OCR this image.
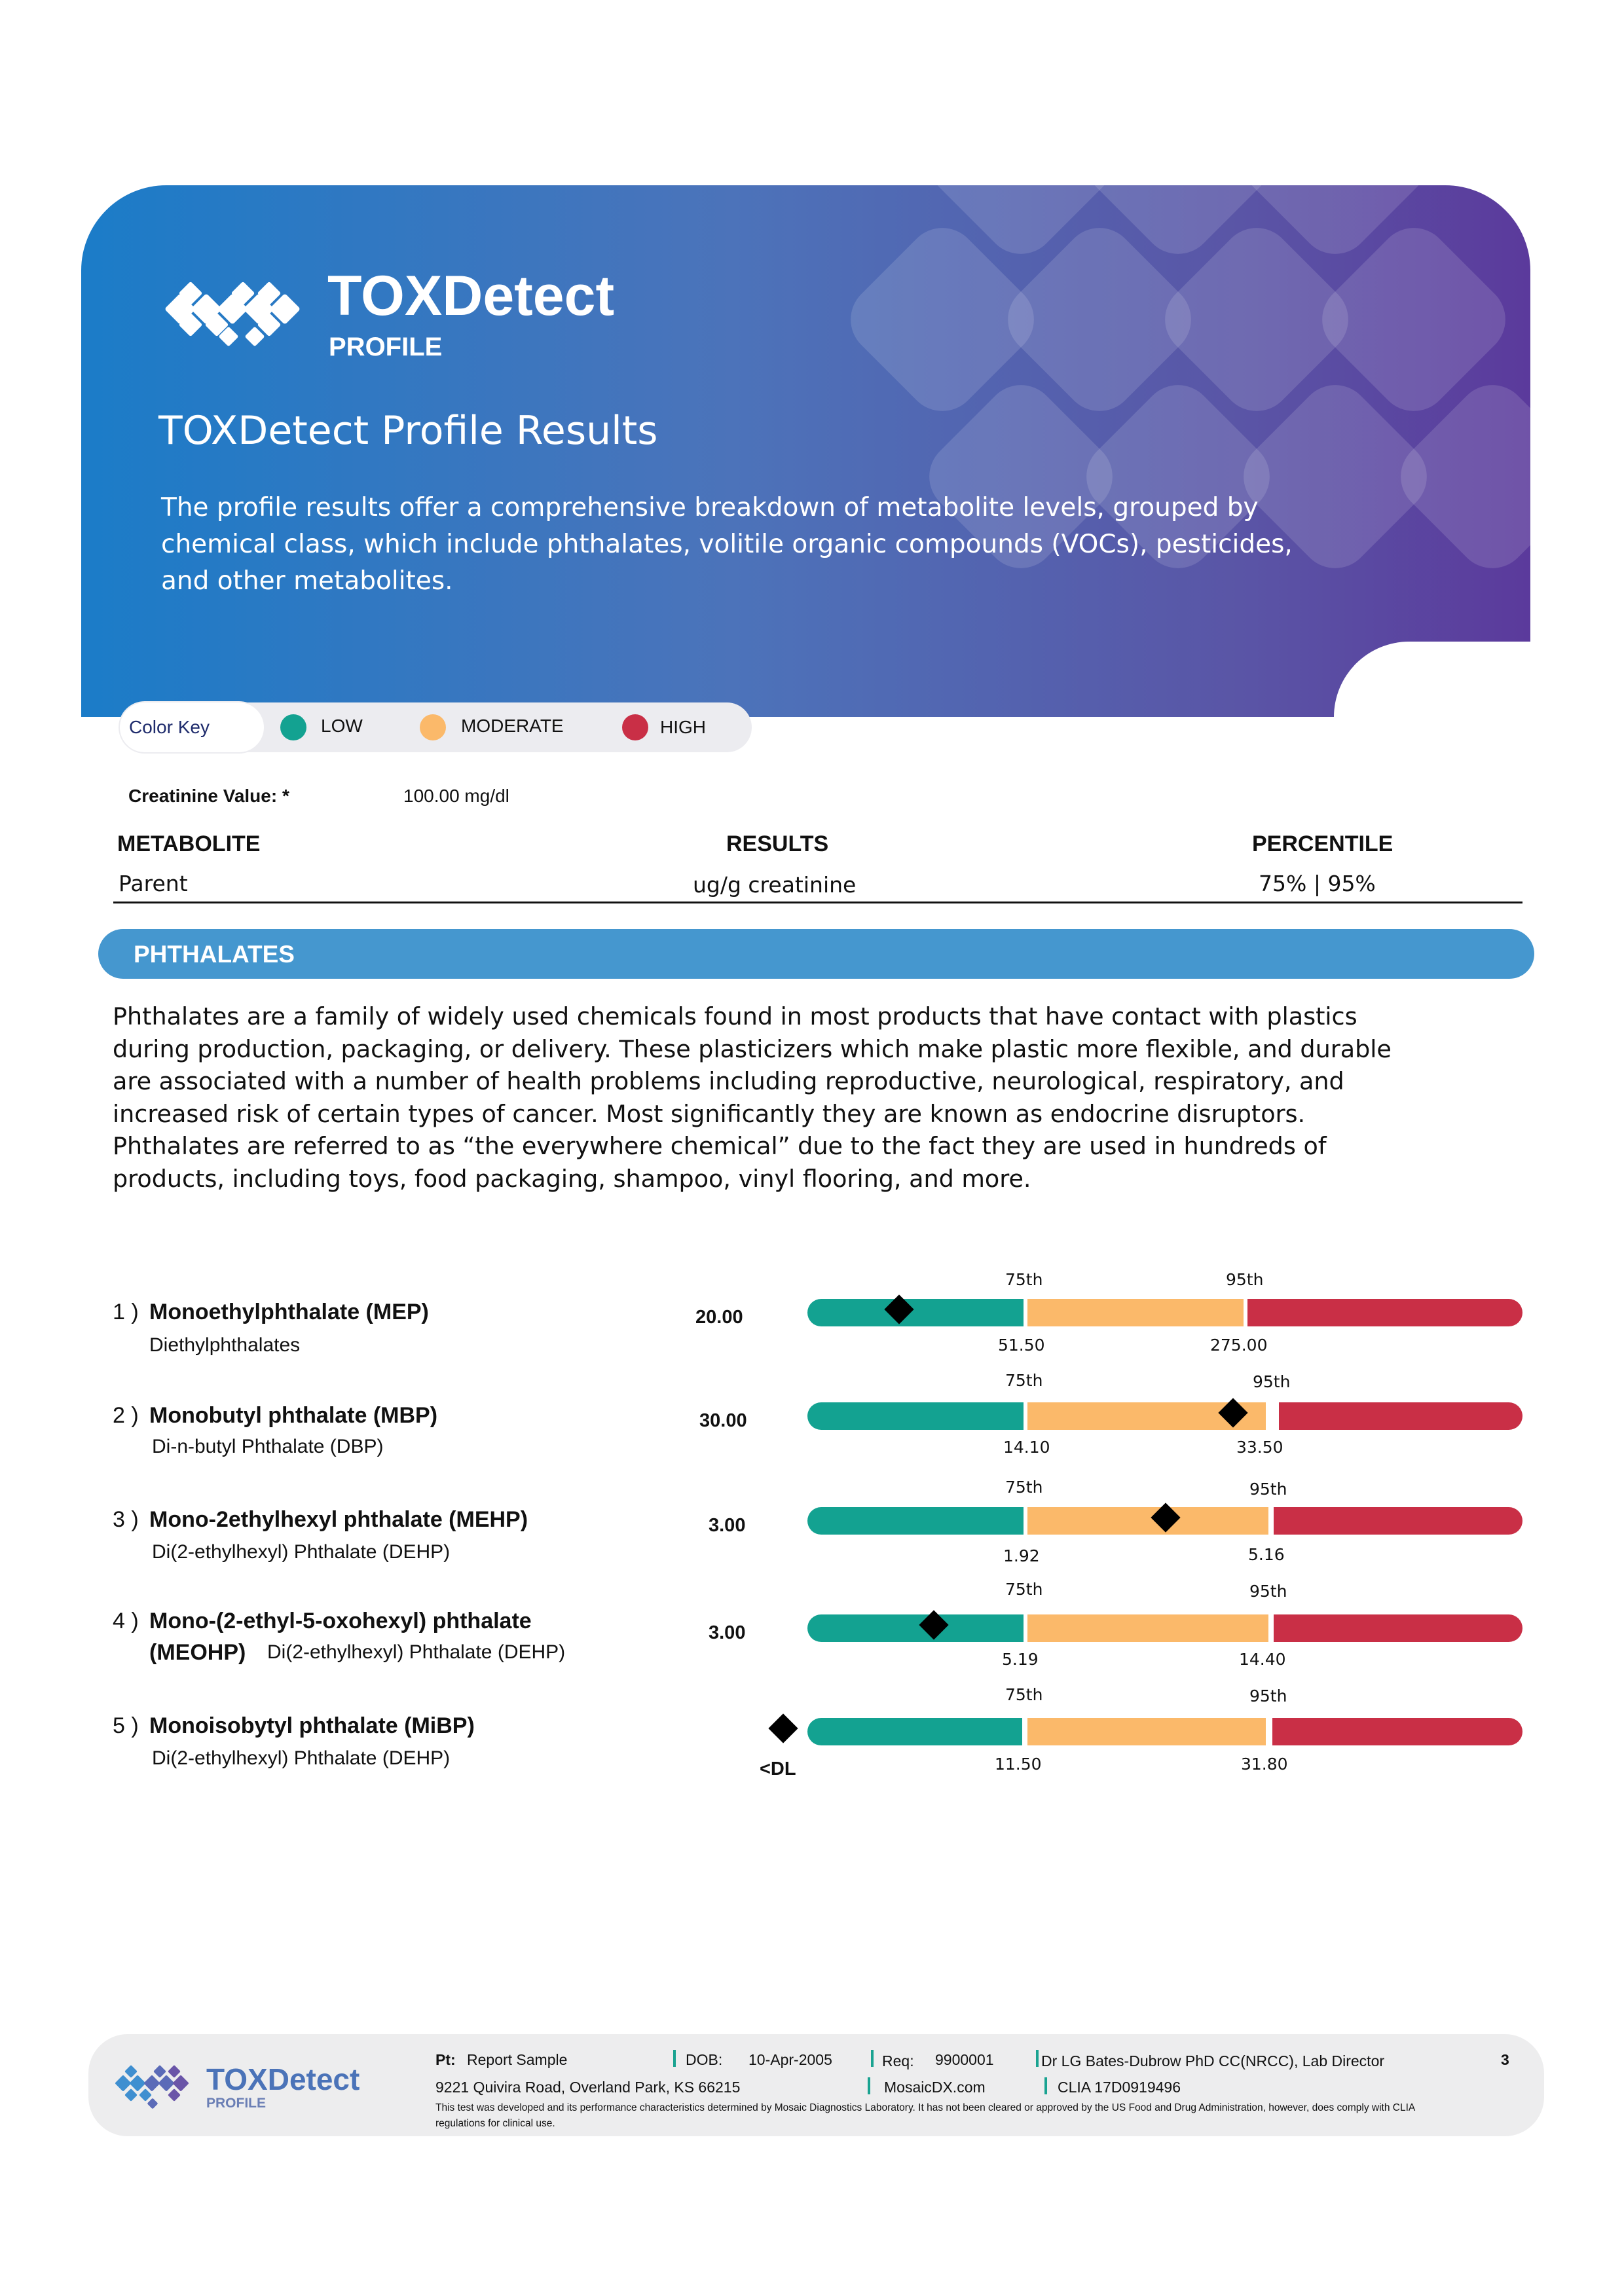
TOXDetect
PROFILE
TOXDetect Profile Results
The profile results offer a comprehensive breakdown of metabolite levels, grouped by
chemical class, which include phthalates, volitile organic compounds (VOCs), pesticides,
and other metabolites.
Color Key	LOW	MODERATE	HIGH
Creatinine Value: *	100.00 mg/dl
METABOLITE	RESULTS	PERCENTILE
Parent	ug/g creatinine	75% | 95%
PHTHALATES
Phthalates are a family of widely used chemicals found in most products that have contact with plastics
during production, packaging, or delivery. These plasticizers which make plastic more flexible, and durable
are associated with a number of health problems including reproductive, neurological, respiratory, and
increased risk of certain types of cancer. Most significantly they are known as endocrine disruptors.
Phthalates are referred to as “the everywhere chemical” due to the fact they are used in hundreds of
products, including toys, food packaging, shampoo, vinyl flooring, and more.
1 ) Monoethylphthalate (MEP)
Diethylphthalates
20.00
75th	95th
51.50	275.00
2 ) Monobutyl phthalate (MBP)
Di-n-butyl Phthalate (DBP)
30.00
75th	95th
14.10	33.50
3 ) Mono-2ethylhexyl phthalate (MEHP)
Di(2-ethylhexyl) Phthalate (DEHP)
3.00
75th	95th
1.92	5.16
4 ) Mono-(2-ethyl-5-oxohexyl) phthalate
(MEOHP) Di(2-ethylhexyl) Phthalate (DEHP)
3.00
75th	95th
5.19	14.40
5 ) Monoisobytyl phthalate (MiBP)
Di(2-ethylhexyl) Phthalate (DEHP)	<DL
75th	95th
11.50	31.80
TOXDetect
PROFILE
Pt: Report Sample	DOB: 10-Apr-2005	Req: 9900001	Dr LG Bates-Dubrow PhD CC(NRCC), Lab Director	3
9221 Quivira Road, Overland Park, KS 66215	MosaicDX.com	CLIA 17D0919496
This test was developed and its performance characteristics determined by Mosaic Diagnostics Laboratory. It has not been cleared or approved by the US Food and Drug Administration, however, does comply with CLIA
regulations for clinical use.
